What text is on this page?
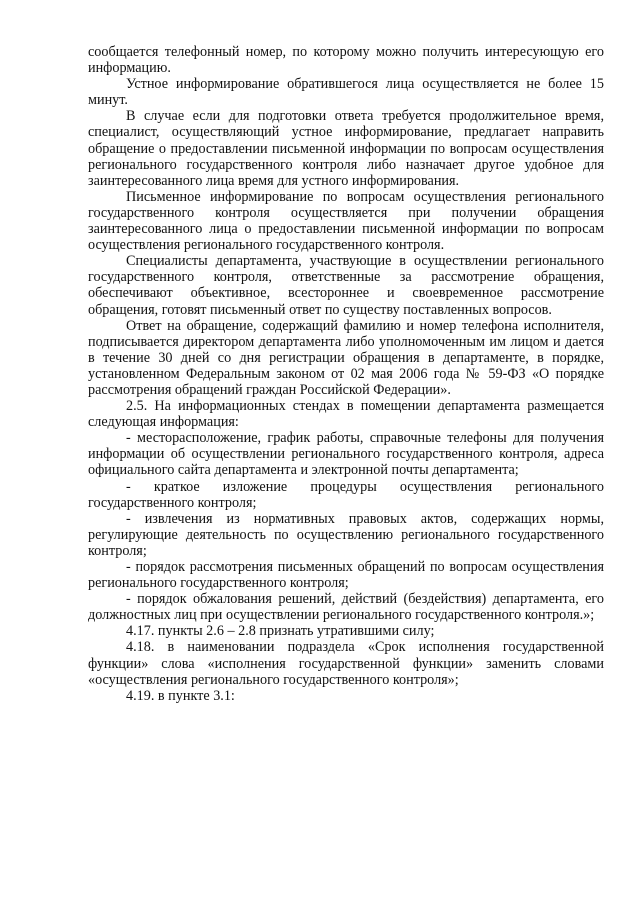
сообщается телефонный номер, по которому можно получить интересующую его информацию.

Устное информирование обратившегося лица осуществляется не более 15 минут.

В случае если для подготовки ответа требуется продолжительное время, специалист, осуществляющий устное информирование, предлагает направить обращение о предоставлении письменной информации по вопросам осуществления регионального государственного контроля либо назначает другое удобное для заинтересованного лица время для устного информирования.

Письменное информирование по вопросам осуществления регионального государственного контроля осуществляется при получении обращения заинтересованного лица о предоставлении письменной информации по вопросам осуществления регионального государственного контроля.

Специалисты департамента, участвующие в осуществлении регионального государственного контроля, ответственные за рассмотрение обращения, обеспечивают объективное, всестороннее и своевременное рассмотрение обращения, готовят письменный ответ по существу поставленных вопросов.

Ответ на обращение, содержащий фамилию и номер телефона исполнителя, подписывается директором департамента либо уполномоченным им лицом и дается в течение 30 дней со дня регистрации обращения в департаменте, в порядке, установленном Федеральным законом от 02 мая 2006 года № 59-ФЗ «О порядке рассмотрения обращений граждан Российской Федерации».

2.5. На информационных стендах в помещении департамента размещается следующая информация:

- месторасположение, график работы, справочные телефоны для получения информации об осуществлении регионального государственного контроля, адреса официального сайта департамента и электронной почты департамента;

- краткое изложение процедуры осуществления регионального государственного контроля;

- извлечения из нормативных правовых актов, содержащих нормы, регулирующие деятельность по осуществлению регионального государственного контроля;

- порядок рассмотрения письменных обращений по вопросам осуществления регионального государственного контроля;

- порядок обжалования решений, действий (бездействия) департамента, его должностных лиц при осуществлении регионального государственного контроля.»;

4.17. пункты 2.6 – 2.8 признать утратившими силу;

4.18. в наименовании подраздела «Срок исполнения государственной функции» слова «исполнения государственной функции» заменить словами «осуществления регионального государственного контроля»;

4.19. в пункте 3.1:
